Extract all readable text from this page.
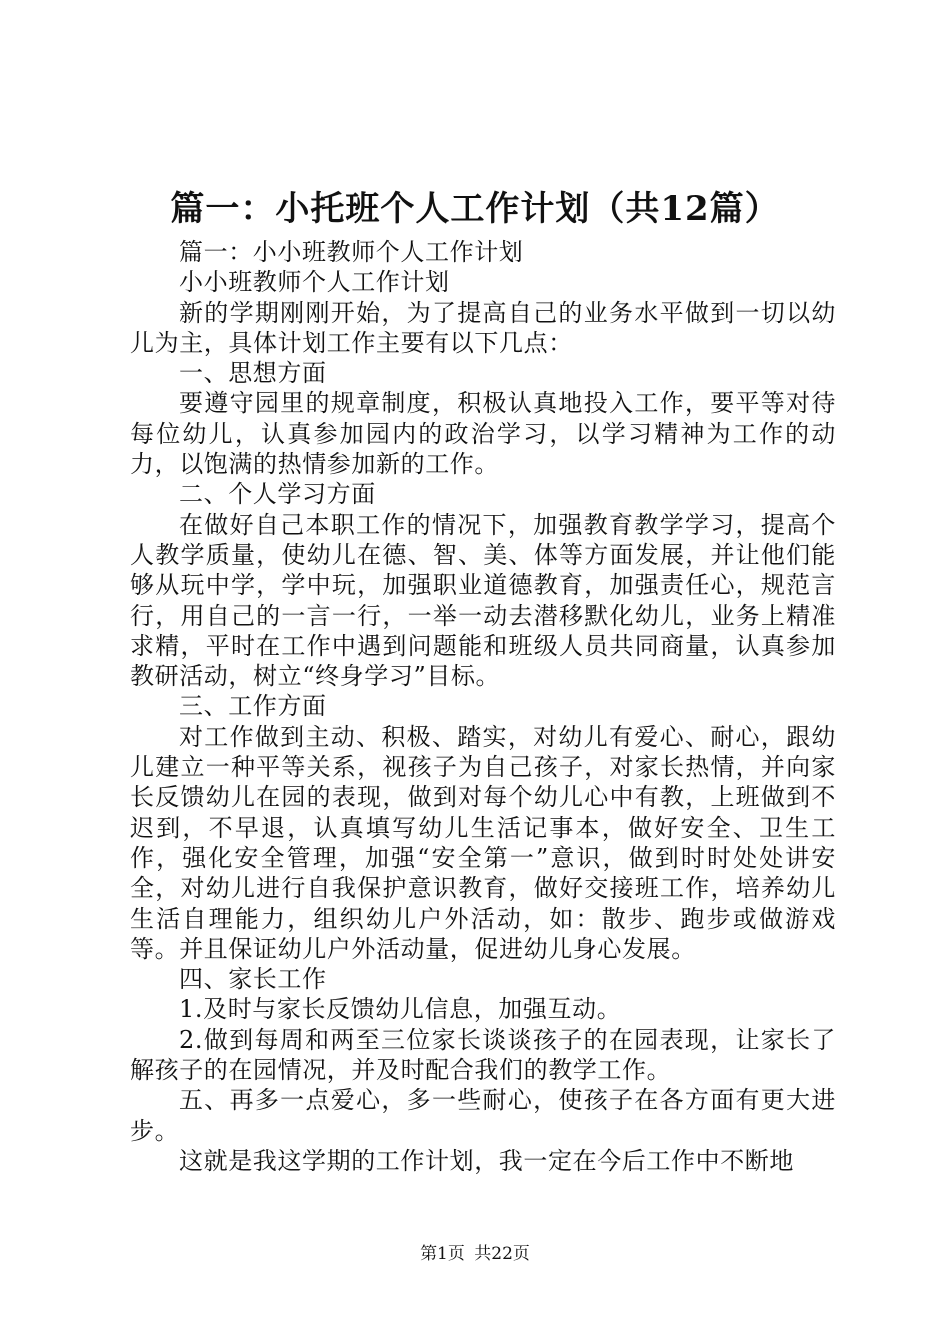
篇一：小托班个人工作计划（共12篇）

篇一：小小班教师个人工作计划

小小班教师个人工作计划

新的学期刚刚开始，为了提高自己的业务水平做到一切以幼儿为主，具体计划工作主要有以下几点：

一、思想方面

要遵守园里的规章制度，积极认真地投入工作，要平等对待每位幼儿，认真参加园内的政治学习，以学习精神为工作的动力，以饱满的热情参加新的工作。

二、个人学习方面

在做好自己本职工作的情况下，加强教育教学学习，提高个人教学质量，使幼儿在德、智、美、体等方面发展，并让他们能够从玩中学，学中玩，加强职业道德教育，加强责任心，规范言行，用自己的一言一行，一举一动去潜移默化幼儿，业务上精准求精，平时在工作中遇到问题能和班级人员共同商量，认真参加教研活动，树立“终身学习”目标。

三、工作方面

对工作做到主动、积极、踏实，对幼儿有爱心、耐心，跟幼儿建立一种平等关系，视孩子为自己孩子，对家长热情，并向家长反馈幼儿在园的表现，做到对每个幼儿心中有教，上班做到不迟到，不早退，认真填写幼儿生活记事本，做好安全、卫生工作，强化安全管理，加强“安全第一”意识，做到时时处处讲安全，对幼儿进行自我保护意识教育，做好交接班工作，培养幼儿生活自理能力，组织幼儿户外活动，如：散步、跑步或做游戏等。并且保证幼儿户外活动量，促进幼儿身心发展。

四、家长工作

1.及时与家长反馈幼儿信息，加强互动。

2.做到每周和两至三位家长谈谈孩子的在园表现，让家长了解孩子的在园情况，并及时配合我们的教学工作。

五、再多一点爱心，多一些耐心，使孩子在各方面有更大进步。

这就是我这学期的工作计划，我一定在今后工作中不断地

第1页 共22页
